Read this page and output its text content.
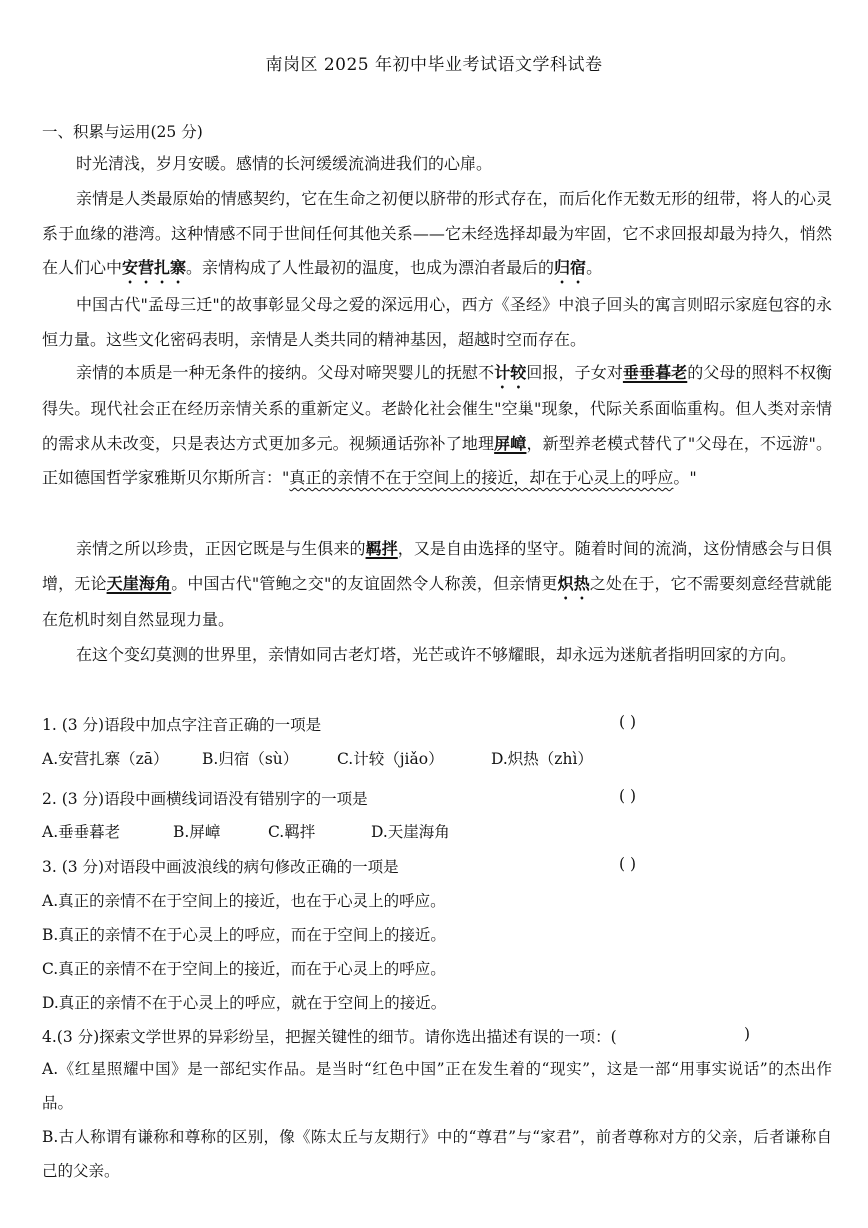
南岗区 2025 年初中毕业考试语文学科试卷
一、积累与运用(25 分)

时光清浅，岁月安暖。感情的长河缓缓流淌进我们的心扉。

亲情是人类最原始的情感契约，它在生命之初便以脐带的形式存在，而后化作无数无形的纽带，将人的心灵系于血缘的港湾。这种情感不同于世间任何其他关系——它未经选择却最为牢固，它不求回报却最为持久，悄然在人们心中安营扎寨。亲情构成了人性最初的温度，也成为漂泊者最后的归宿。

中国古代"孟母三迁"的故事彰显父母之爱的深远用心，西方《圣经》中浪子回头的寓言则昭示家庭包容的永恒力量。这些文化密码表明，亲情是人类共同的精神基因，超越时空而存在。

亲情的本质是一种无条件的接纳。父母对啼哭婴儿的抚慰不计较回报，子女对垂垂暮老的父母的照料不权衡得失。现代社会正在经历亲情关系的重新定义。老龄化社会催生"空巢"现象，代际关系面临重构。但人类对亲情的需求从未改变，只是表达方式更加多元。视频通话弥补了地理屏嶂，新型养老模式替代了"父母在，不远游"。正如德国哲学家雅斯贝尔斯所言："真正的亲情不在于空间上的接近，却在于心灵上的呼应。"

亲情之所以珍贵，正因它既是与生俱来的羁拌，又是自由选择的坚守。随着时间的流淌，这份情感会与日俱增，无论天崖海角。中国古代"管鲍之交"的友谊固然令人称羡，但亲情更炽热之处在于，它不需要刻意经营就能在危机时刻自然显现力量。

在这个变幻莫测的世界里，亲情如同古老灯塔，光芒或许不够耀眼，却永远为迷航者指明回家的方向。

1. (3 分)语段中加点字注音正确的一项是	( )
A.安营扎寨（zā） B.归宿（sù） C.计较（jiǎo）	D.炽热（zhì）
2. (3 分)语段中画横线词语没有错别字的一项是	( )
A.垂垂暮老	B.屏嶂	C.羁拌	D.天崖海角
3. (3 分)对语段中画波浪线的病句修改正确的一项是	( )
A.真正的亲情不在于空间上的接近，也在于心灵上的呼应。
B.真正的亲情不在于心灵上的呼应，而在于空间上的接近。
C.真正的亲情不在于空间上的接近，而在于心灵上的呼应。
D.真正的亲情不在于心灵上的呼应，就在于空间上的接近。
4.(3 分)探索文学世界的异彩纷呈，把握关键性的细节。请你选出描述有误的一项：(	)

A.《红星照耀中国》是一部纪实作品。是当时“红色中国”正在发生着的“现实”，这是一部“用事实说话”的杰出作品。

B.古人称谓有谦称和尊称的区别，像《陈太丘与友期行》中的“尊君”与“家君”，前者尊称对方的父亲，后者谦称自己的父亲。
